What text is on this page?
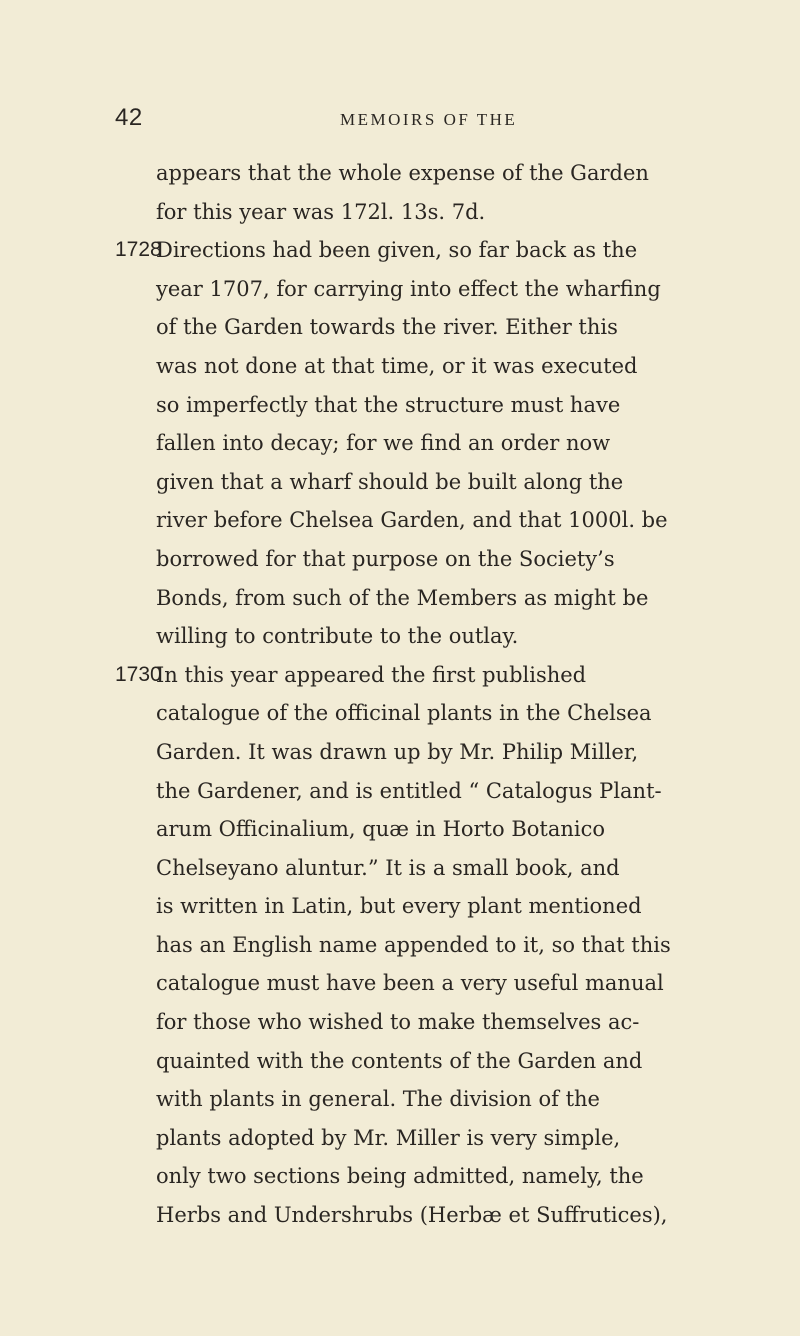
42	MEMOIRS OF THE
appears that the whole expense of the Garden
for this year was 172l. 13s. 7d.
1728
Directions had been given, so far back as the
year 1707, for carrying into effect the wharfing
of the Garden towards the river. Either this
was not done at that time, or it was executed
so imperfectly that the structure must have
fallen into decay; for we find an order now
given that a wharf should be built along the
river before Chelsea Garden, and that 1000l. be
borrowed for that purpose on the Society’s
Bonds, from such of the Members as might be
willing to contribute to the outlay.
1730
In this year appeared the first published
catalogue of the officinal plants in the Chelsea
Garden. It was drawn up by Mr. Philip Miller,
the Gardener, and is entitled “ Catalogus Plant-
arum Officinalium, quæ in Horto Botanico
Chelseyano aluntur.” It is a small book, and
is written in Latin, but every plant mentioned
has an English name appended to it, so that this
catalogue must have been a very useful manual
for those who wished to make themselves ac-
quainted with the contents of the Garden and
with plants in general. The division of the
plants adopted by Mr. Miller is very simple,
only two sections being admitted, namely, the
Herbs and Undershrubs (Herbæ et Suffrutices),
